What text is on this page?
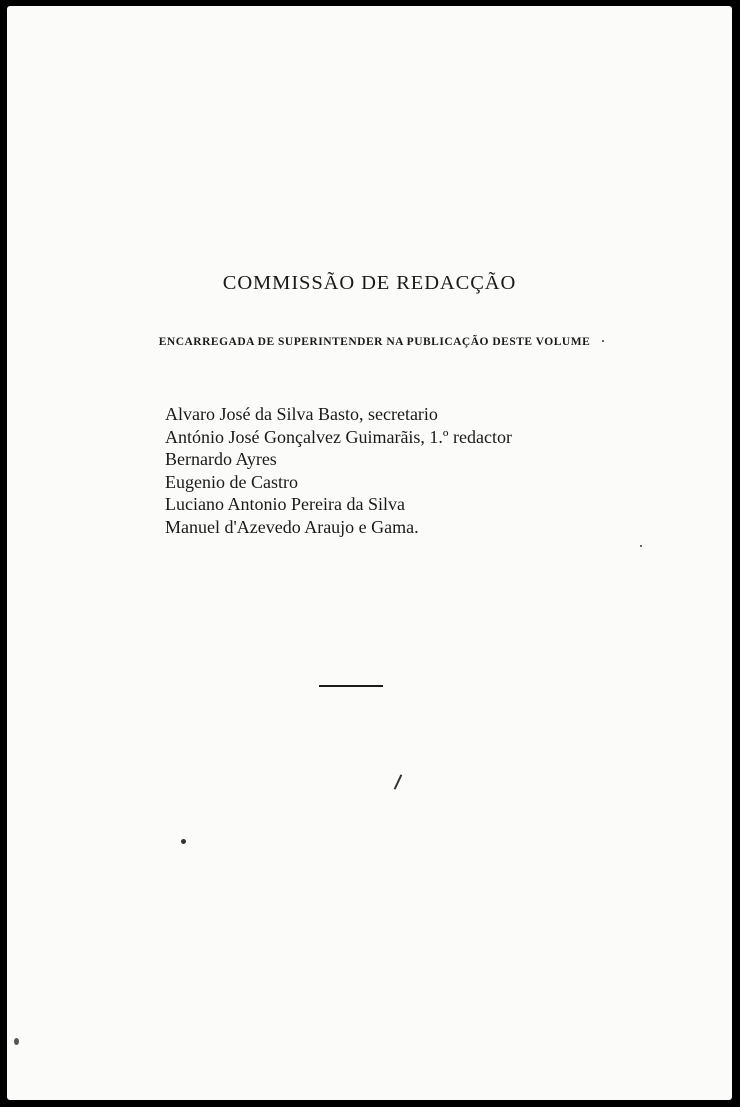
COMMISSÃO DE REDACÇÃO
ENCARREGADA DE SUPERINTENDER NA PUBLICAÇÃO DESTE VOLUME
Alvaro José da Silva Basto, secretario
António José Gonçalvez Guimarãis, 1.º redactor
Bernardo Ayres
Eugenio de Castro
Luciano Antonio Pereira da Silva
Manuel d'Azevedo Araujo e Gama.
